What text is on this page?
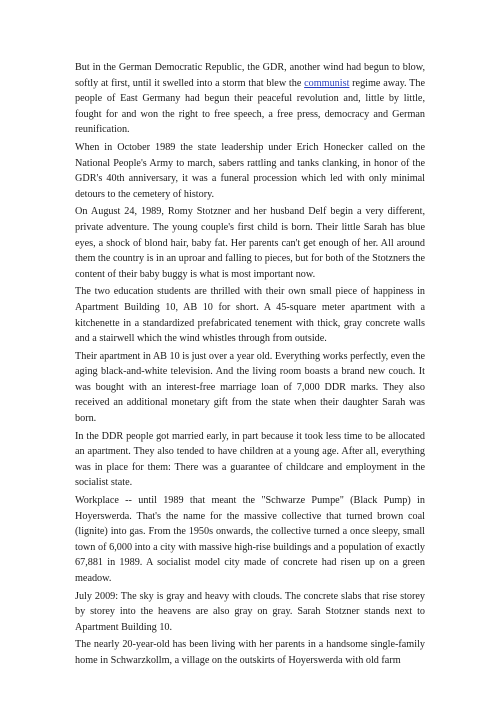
But in the German Democratic Republic, the GDR, another wind had begun to blow, softly at first, until it swelled into a storm that blew the communist regime away. The people of East Germany had begun their peaceful revolution and, little by little, fought for and won the right to free speech, a free press, democracy and German reunification.

When in October 1989 the state leadership under Erich Honecker called on the National People's Army to march, sabers rattling and tanks clanking, in honor of the GDR's 40th anniversary, it was a funeral procession which led with only minimal detours to the cemetery of history.

On August 24, 1989, Romy Stotzner and her husband Delf begin a very different, private adventure. The young couple's first child is born. Their little Sarah has blue eyes, a shock of blond hair, baby fat. Her parents can't get enough of her. All around them the country is in an uproar and falling to pieces, but for both of the Stotzners the content of their baby buggy is what is most important now.

The two education students are thrilled with their own small piece of happiness in Apartment Building 10, AB 10 for short. A 45-square meter apartment with a kitchenette in a standardized prefabricated tenement with thick, gray concrete walls and a stairwell which the wind whistles through from outside.

Their apartment in AB 10 is just over a year old. Everything works perfectly, even the aging black-and-white television. And the living room boasts a brand new couch. It was bought with an interest-free marriage loan of 7,000 DDR marks. They also received an additional monetary gift from the state when their daughter Sarah was born.

In the DDR people got married early, in part because it took less time to be allocated an apartment. They also tended to have children at a young age. After all, everything was in place for them: There was a guarantee of childcare and employment in the socialist state.

Workplace -- until 1989 that meant the "Schwarze Pumpe" (Black Pump) in Hoyerswerda. That's the name for the massive collective that turned brown coal (lignite) into gas. From the 1950s onwards, the collective turned a once sleepy, small town of 6,000 into a city with massive high-rise buildings and a population of exactly 67,881 in 1989. A socialist model city made of concrete had risen up on a green meadow.

July 2009: The sky is gray and heavy with clouds. The concrete slabs that rise storey by storey into the heavens are also gray on gray. Sarah Stotzner stands next to Apartment Building 10.

The nearly 20-year-old has been living with her parents in a handsome single-family home in Schwarzkollm, a village on the outskirts of Hoyerswerda with old farm
